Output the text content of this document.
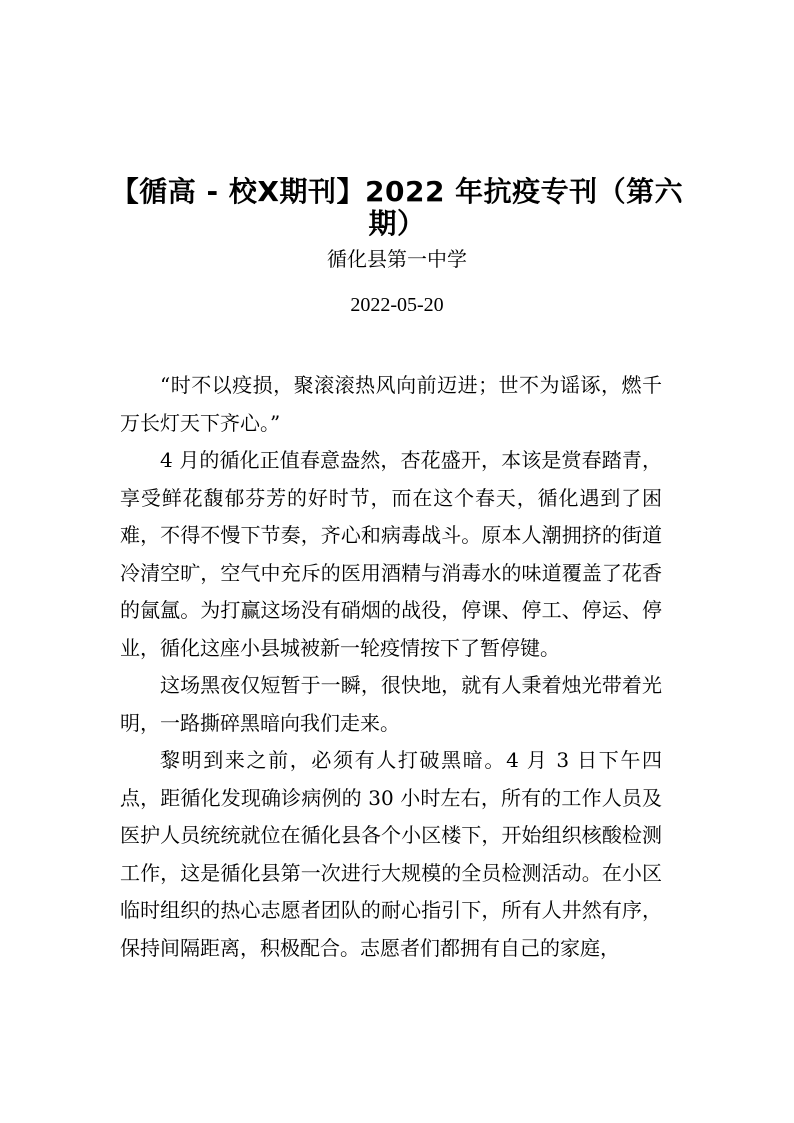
【循高 - 校X期刊】2022 年抗疫专刊（第六期）
循化县第一中学
2022-05-20

“时不以疫损，聚滚滚热风向前迈进；世不为谣诼，燃千万长灯天下齐心。”

4 月的循化正值春意盎然，杏花盛开，本该是赏春踏青，享受鲜花馥郁芬芳的好时节，而在这个春天，循化遇到了困难，不得不慢下节奏，齐心和病毒战斗。原本人潮拥挤的街道冷清空旷，空气中充斥的医用酒精与消毒水的味道覆盖了花香的氤氲。为打赢这场没有硝烟的战役，停课、停工、停运、停业，循化这座小县城被新一轮疫情按下了暂停键。

这场黑夜仅短暂于一瞬，很快地，就有人秉着烛光带着光明，一路撕碎黑暗向我们走来。

黎明到来之前，必须有人打破黑暗。4 月 3 日下午四点，距循化发现确诊病例的 30 小时左右，所有的工作人员及医护人员统统就位在循化县各个小区楼下，开始组织核酸检测工作，这是循化县第一次进行大规模的全员检测活动。在小区临时组织的热心志愿者团队的耐心指引下，所有人井然有序，保持间隔距离，积极配合。志愿者们都拥有自己的家庭，
